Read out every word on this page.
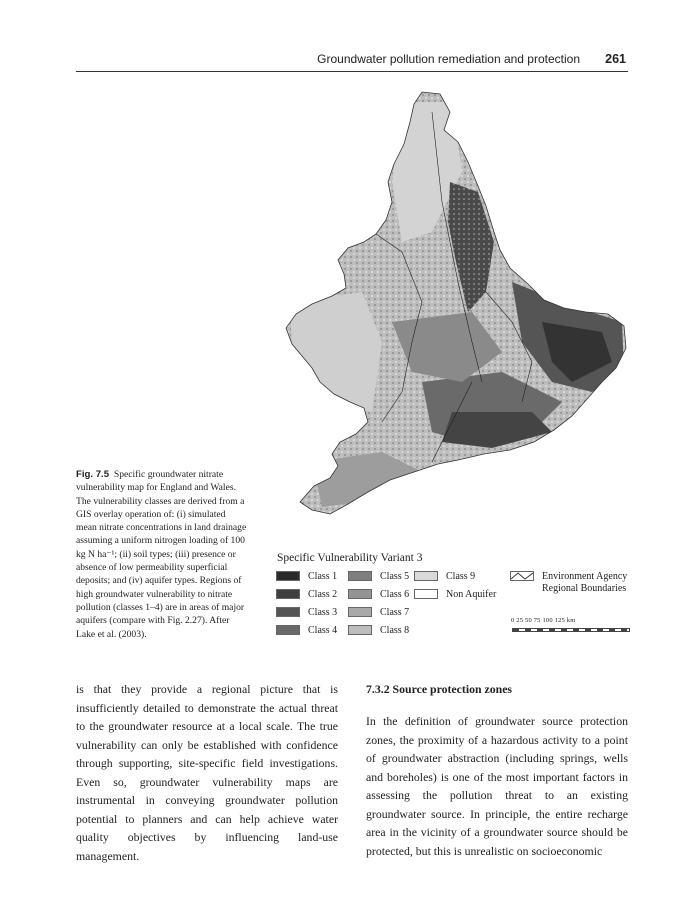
Groundwater pollution remediation and protection 261
Fig. 7.5 Specific groundwater nitrate vulnerability map for England and Wales. The vulnerability classes are derived from a GIS overlay operation of: (i) simulated mean nitrate concentrations in land drainage assuming a uniform nitrogen loading of 100 kg N ha⁻¹; (ii) soil types; (iii) presence or absence of low permeability superficial deposits; and (iv) aquifer types. Regions of high groundwater vulnerability to nitrate pollution (classes 1–4) are in areas of major aquifers (compare with Fig. 2.27). After Lake et al. (2003).
Specific Vulnerability Variant 3
Class 1
Class 2
Class 3
Class 4
Class 5
Class 6
Class 7
Class 8
Class 9
Non Aquifer
Environment Agency
Regional Boundaries
0 25 50 75 100 125 km

is that they provide a regional picture that is insufficiently detailed to demonstrate the actual threat to the groundwater resource at a local scale. The true vulnerability can only be established with confidence through supporting, site-specific field investigations. Even so, groundwater vulnerability maps are instrumental in conveying groundwater pollution potential to planners and can help achieve water quality objectives by influencing land-use management.

7.3.2 Source protection zones

In the definition of groundwater source protection zones, the proximity of a hazardous activity to a point of groundwater abstraction (including springs, wells and boreholes) is one of the most important factors in assessing the pollution threat to an existing groundwater source. In principle, the entire recharge area in the vicinity of a groundwater source should be protected, but this is unrealistic on socioeconomic
